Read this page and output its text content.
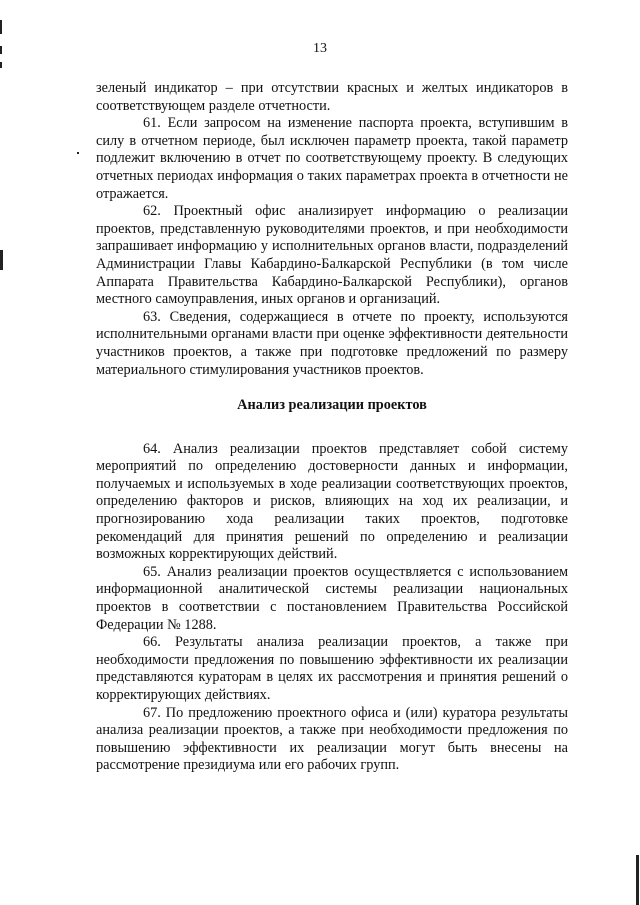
13

зеленый индикатор – при отсутствии красных и желтых индикаторов в соответствующем разделе отчетности.

61. Если запросом на изменение паспорта проекта, вступившим в силу в отчетном периоде, был исключен параметр проекта, такой параметр подлежит включению в отчет по соответствующему проекту. В следующих отчетных периодах информация о таких параметрах проекта в отчетности не отражается.

62. Проектный офис анализирует информацию о реализации проектов, представленную руководителями проектов, и при необходимости запрашивает информацию у исполнительных органов власти, подразделений Администрации Главы Кабардино-Балкарской Республики (в том числе Аппарата Правительства Кабардино-Балкарской Республики), органов местного самоуправления, иных органов и организаций.

63. Сведения, содержащиеся в отчете по проекту, используются исполнительными органами власти при оценке эффективности деятельности участников проектов, а также при подготовке предложений по размеру материального стимулирования участников проектов.

Анализ реализации проектов

64. Анализ реализации проектов представляет собой систему мероприятий по определению достоверности данных и информации, получаемых и используемых в ходе реализации соответствующих проектов, определению факторов и рисков, влияющих на ход их реализации, и прогнозированию хода реализации таких проектов, подготовке рекомендаций для принятия решений по определению и реализации возможных корректирующих действий.

65. Анализ реализации проектов осуществляется с использованием информационной аналитической системы реализации национальных проектов в соответствии с постановлением Правительства Российской Федерации № 1288.

66. Результаты анализа реализации проектов, а также при необходимости предложения по повышению эффективности их реализации представляются кураторам в целях их рассмотрения и принятия решений о корректирующих действиях.

67. По предложению проектного офиса и (или) куратора результаты анализа реализации проектов, а также при необходимости предложения по повышению эффективности их реализации могут быть внесены на рассмотрение президиума или его рабочих групп.
